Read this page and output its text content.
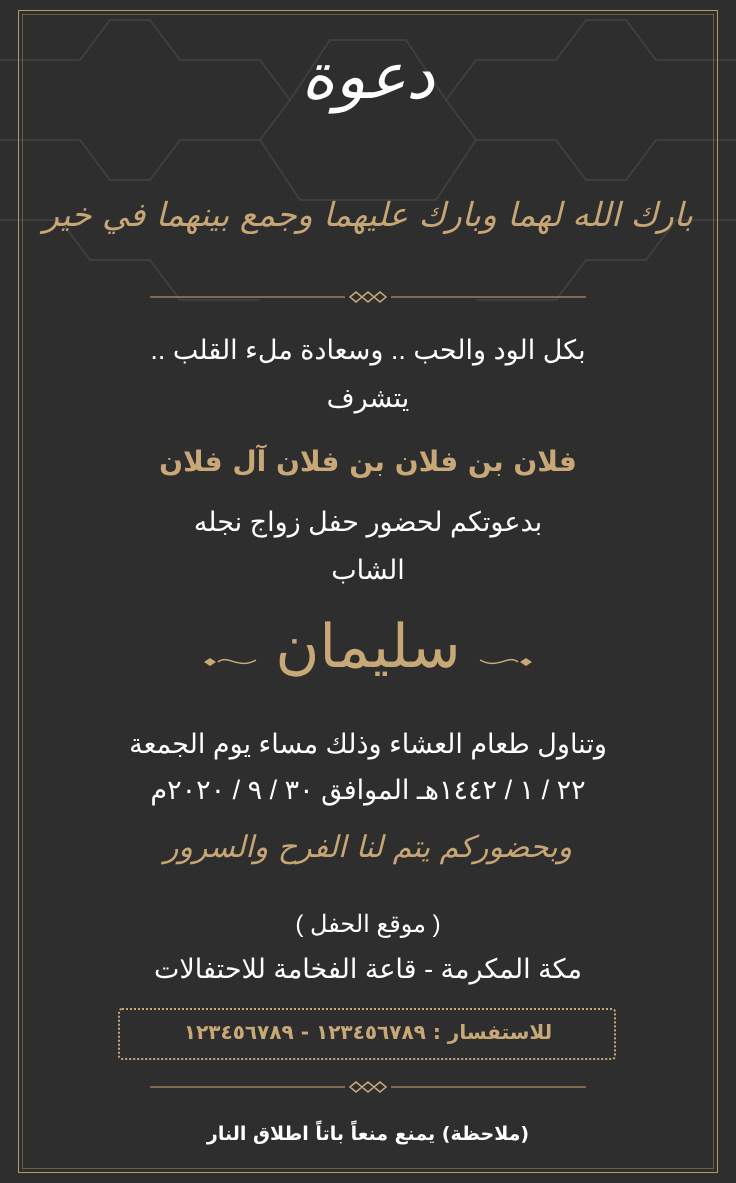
دعوة
بارك الله لهما وبارك عليهما وجمع بينهما في خير
بكل الود والحب .. وسعادة ملء القلب ..
يتشرف
فلان بن فلان بن فلان آل فلان
بدعوتكم لحضور حفل زواج نجله
الشاب
سليمان
وتناول طعام العشاء وذلك مساء يوم الجمعة
٢٢ / ١ / ١٤٤٢هـ الموافق ٣٠ / ٩ / ٢٠٢٠م
وبحضوركم يتم لنا الفرح والسرور
( موقع الحفل )
مكة المكرمة - قاعة الفخامة للاحتفالات
للاستفسار : ١٢٣٤٥٦٧٨٩ - ١٢٣٤٥٦٧٨٩
(ملاحظة) يمنع منعاً باتاً اطلاق النار
